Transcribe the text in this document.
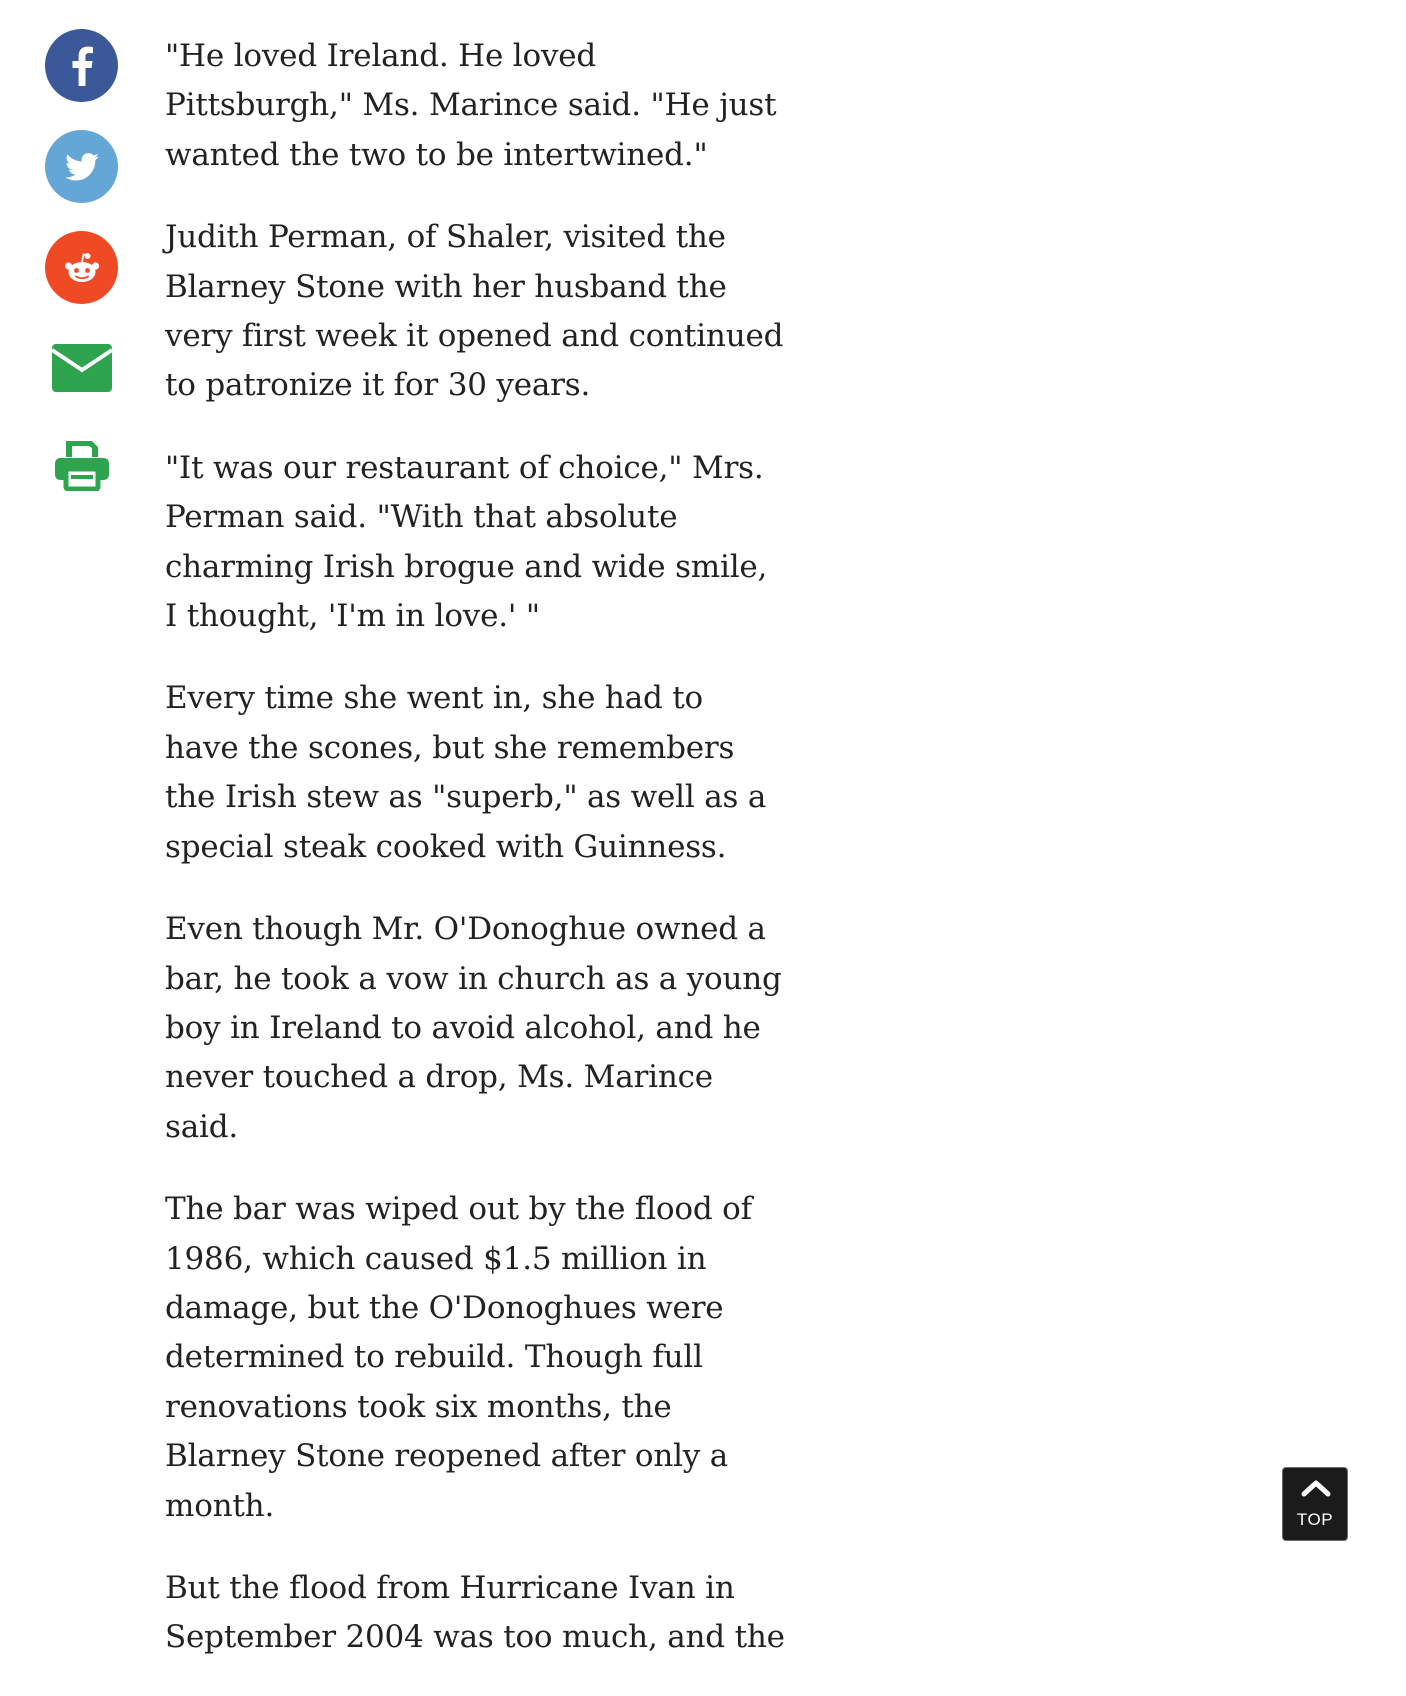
"He loved Ireland. He loved Pittsburgh," Ms. Marince said. "He just wanted the two to be intertwined."

Judith Perman, of Shaler, visited the Blarney Stone with her husband the very first week it opened and continued to patronize it for 30 years.

"It was our restaurant of choice," Mrs. Perman said. "With that absolute charming Irish brogue and wide smile, I thought, 'I'm in love.' "

Every time she went in, she had to have the scones, but she remembers the Irish stew as "superb," as well as a special steak cooked with Guinness.

Even though Mr. O'Donoghue owned a bar, he took a vow in church as a young boy in Ireland to avoid alcohol, and he never touched a drop, Ms. Marince said.

The bar was wiped out by the flood of 1986, which caused $1.5 million in damage, but the O'Donoghues were determined to rebuild. Though full renovations took six months, the Blarney Stone reopened after only a month.

But the flood from Hurricane Ivan in September 2004 was too much, and the

TOP
